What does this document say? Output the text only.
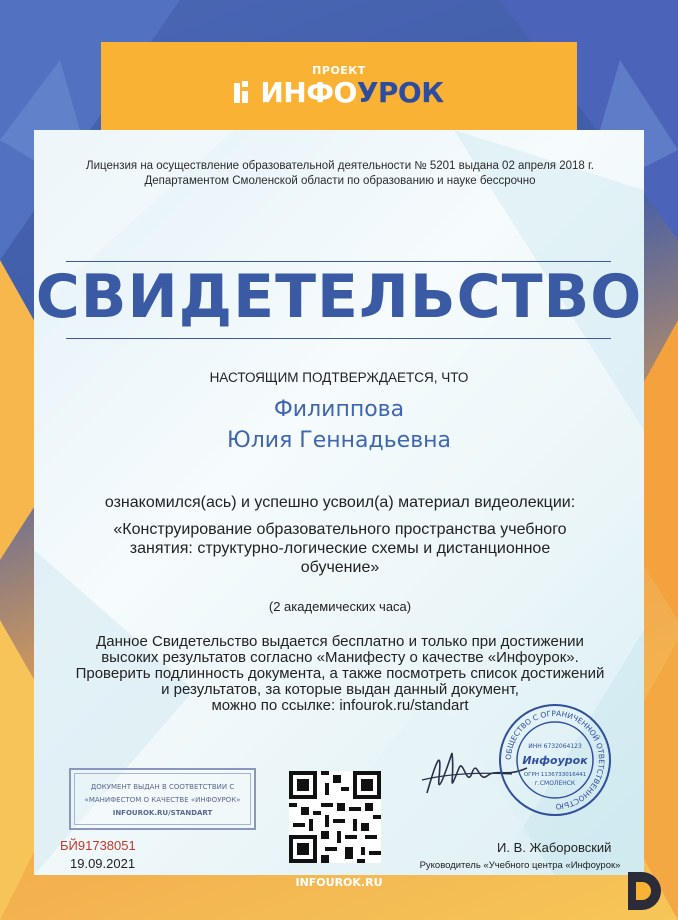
ПРОЕКТ
ИНФОУРОК
Лицензия на осуществление образовательной деятельности № 5201 выдана 02 апреля 2018 г.
Департаментом Смоленской области по образованию и науке бессрочно
СВИДЕТЕЛЬСТВО
НАСТОЯЩИМ ПОДТВЕРЖДАЕТСЯ, ЧТО
Филиппова
Юлия Геннадьевна
ознакомился(ась) и успешно усвоил(а) материал видеолекции:
«Конструирование образовательного пространства учебного
занятия: структурно-логические схемы и дистанционное
обучение»
(2 академических часа)
Данное Свидетельство выдается бесплатно и только при достижении
высоких результатов согласно «Манифесту о качестве «Инфоурок».
Проверить подлинность документа, а также посмотреть список достижений
и результатов, за которые выдан данный документ,
можно по ссылке: infourok.ru/standart
ДОКУМЕНТ ВЫДАН В СООТВЕТСТВИИ С
«МАНИФЕСТОМ О КАЧЕСТВЕ «ИНФОУРОК»
INFOUROK.RU/STANDART
БЙ91738051
19.09.2021
ОБЩЕСТВО С ОГРАНИЧЕННОЙ ОТВЕТСТВЕННОСТЬЮ
ИНН 6732064123
Инфоурок
ОГРН 1136733016441
г.СМОЛЕНСК
И. В. Жаборовский
Руководитель «Учебного центра «Инфоурок»
INFOUROK.RU
